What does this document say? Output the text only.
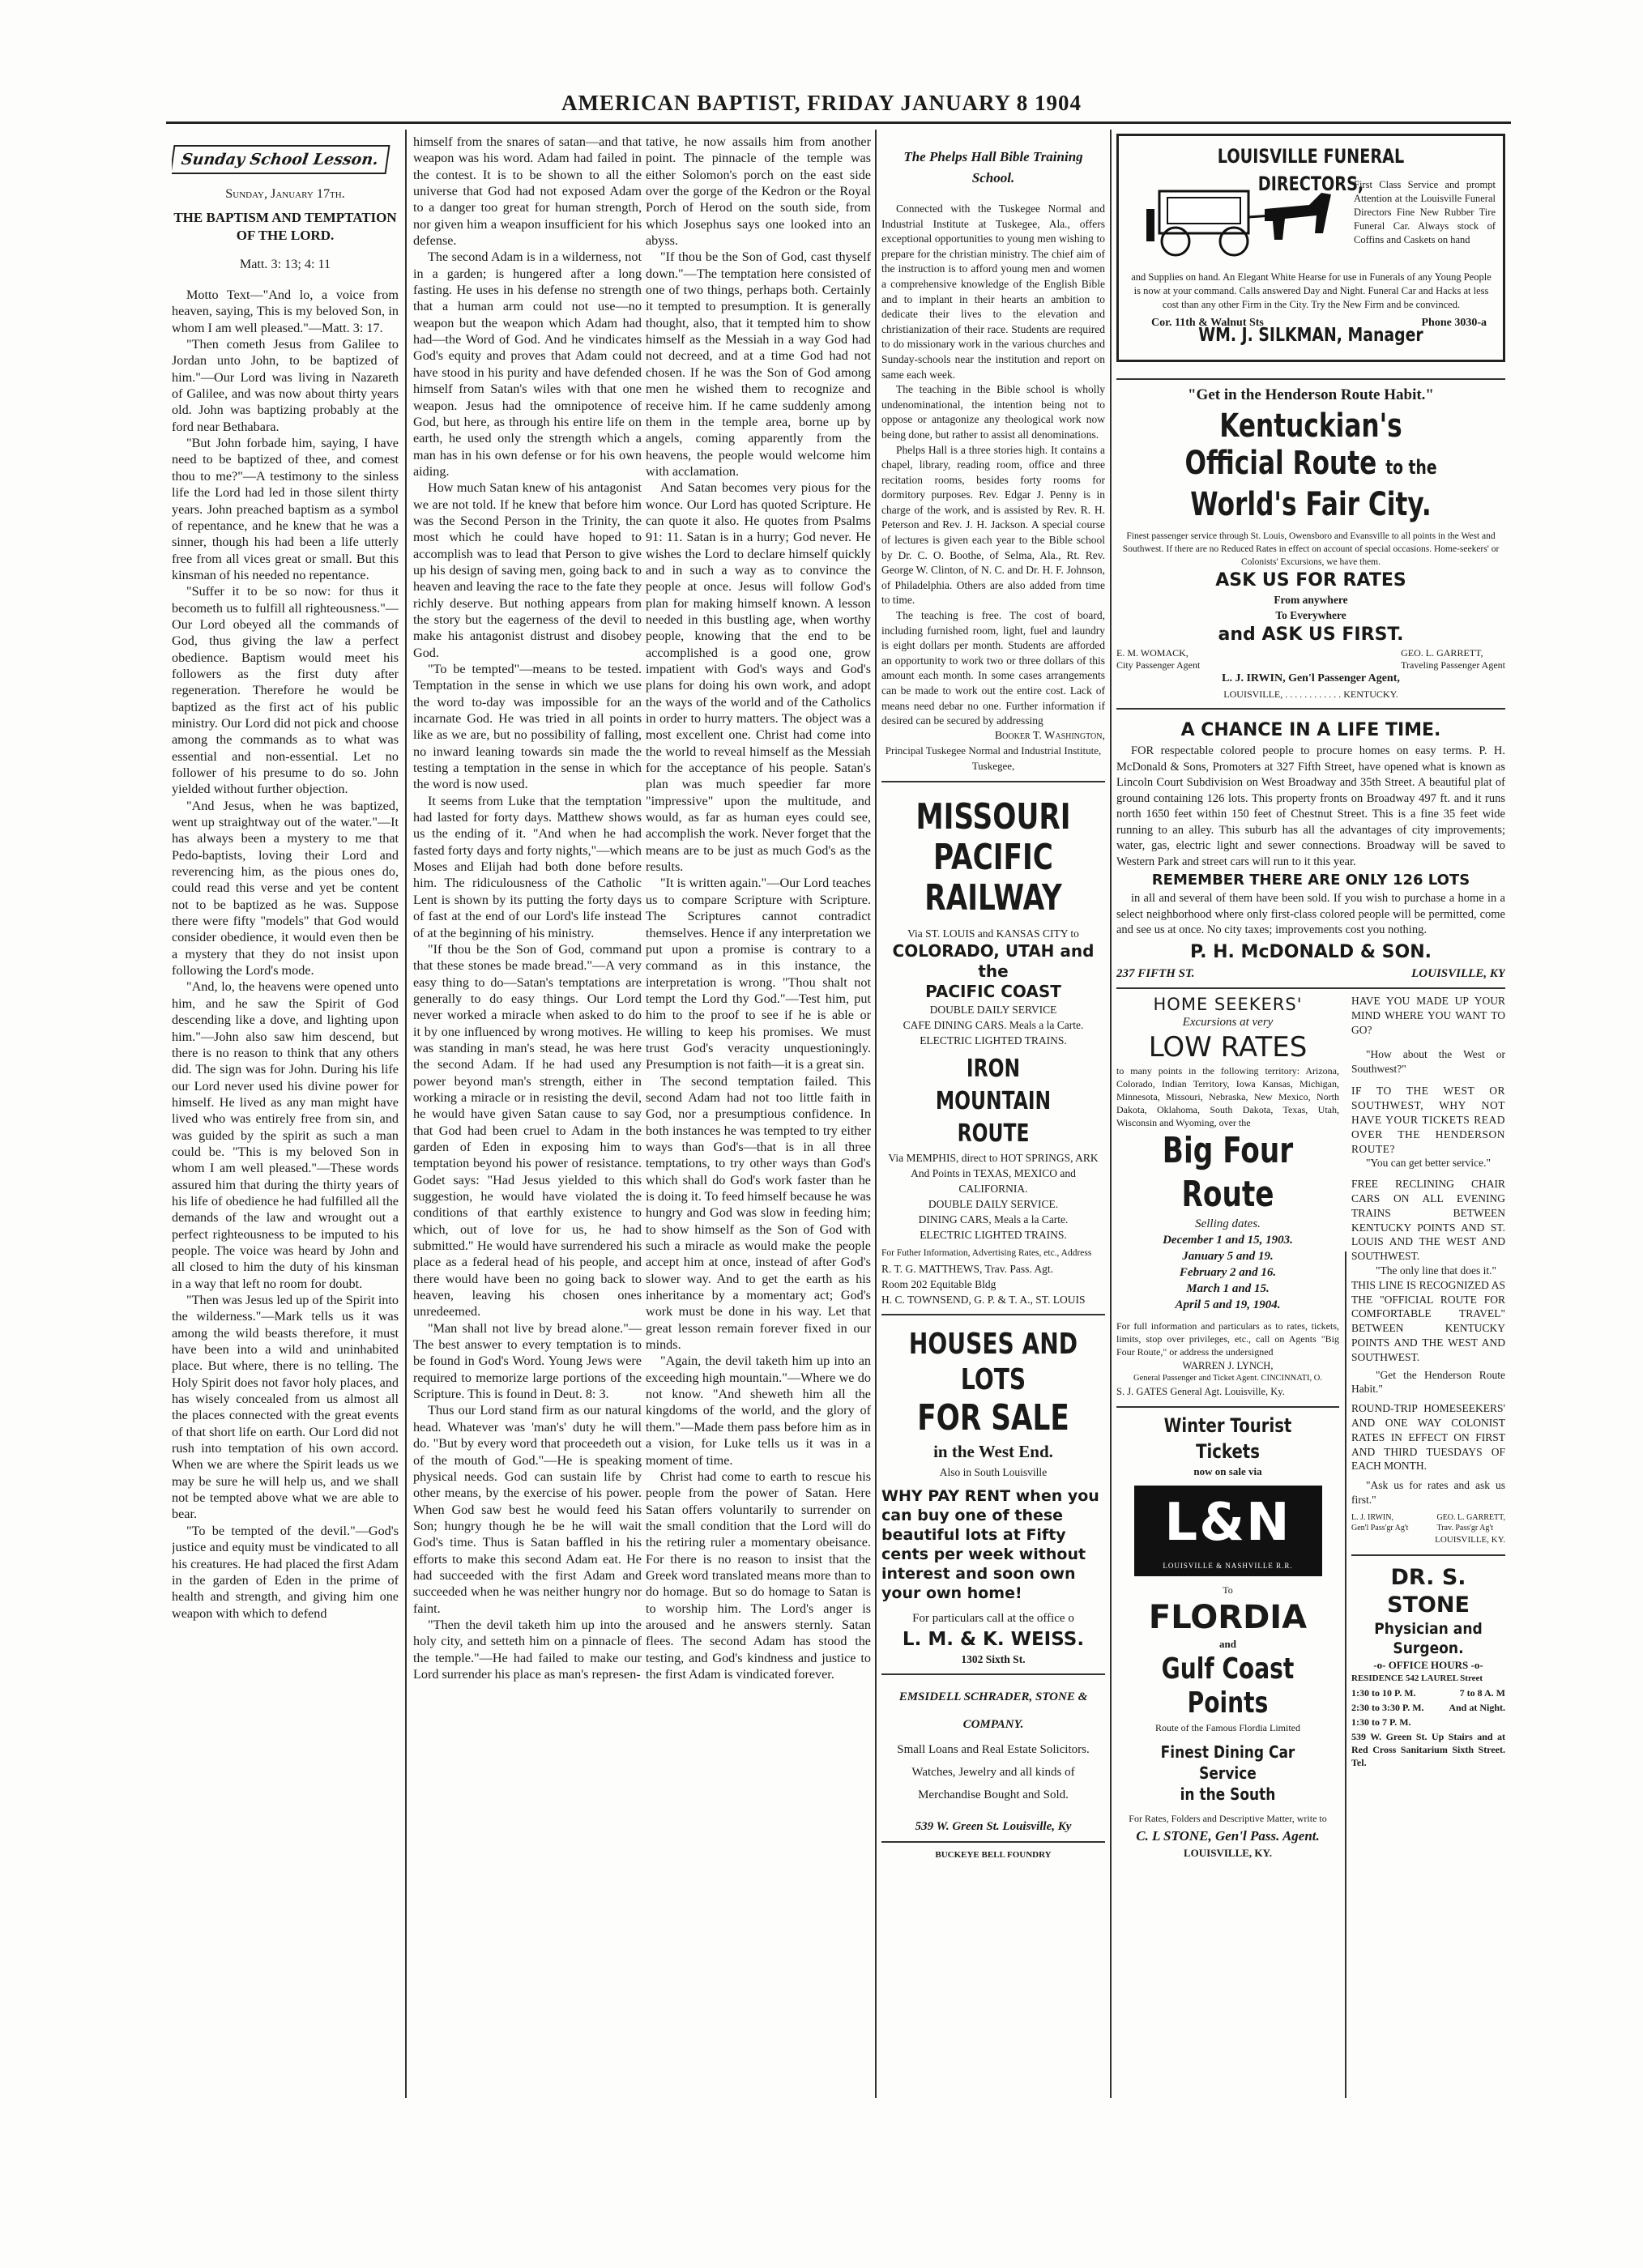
AMERICAN BAPTIST, FRIDAY JANUARY 8 1904
Sunday School Lesson.

Sunday, January 17th.

THE BAPTISM AND TEMPTATION OF THE LORD.

Matt. 3: 13; 4: 11

Motto Text—"And lo, a voice from heaven, saying, This is my beloved Son, in whom I am well pleased."—Matt. 3: 17.

"Then cometh Jesus from Galilee to Jordan unto John, to be baptized of him."—Our Lord was living in Nazareth of Galilee, and was now about thirty years old. John was baptizing probably at the ford near Bethabara.

"But John forbade him, saying, I have need to be baptized of thee, and comest thou to me?"—A testimony to the sinless life the Lord had led in those silent thirty years. John preached baptism as a symbol of repentance, and he knew that he was a sinner, though his had been a life utterly free from all vices great or small. But this kinsman of his needed no repentance.

"Suffer it to be so now: for thus it becometh us to fulfill all righteousness."—Our Lord obeyed all the commands of God, thus giving the law a perfect obedience. Baptism would meet his followers as the first duty after regeneration. Therefore he would be baptized as the first act of his public ministry. Our Lord did not pick and choose among the commands as to what was essential and non-essential. Let no follower of his presume to do so. John yielded without further objection.

"And Jesus, when he was baptized, went up straightway out of the water."—It has always been a mystery to me that Pedo-baptists, loving their Lord and reverencing him, as the pious ones do, could read this verse and yet be content not to be baptized as he was. Suppose there were fifty "models" that God would consider obedience, it would even then be a mystery that they do not insist upon following the Lord's mode.

"And, lo, the heavens were opened unto him, and he saw the Spirit of God descending like a dove, and lighting upon him."—John also saw him descend, but there is no reason to think that any others did. The sign was for John. During his life our Lord never used his divine power for himself. He lived as any man might have lived who was entirely free from sin, and was guided by the spirit as such a man could be. "This is my beloved Son in whom I am well pleased."—These words assured him that during the thirty years of his life of obedience he had fulfilled all the demands of the law and wrought out a perfect righteousness to be imputed to his people. The voice was heard by John and all closed to him the duty of his kinsman in a way that left no room for doubt.

"Then was Jesus led up of the Spirit into the wilderness."—Mark tells us it was among the wild beasts therefore, it must have been into a wild and uninhabited place. But where, there is no telling. The Holy Spirit does not favor holy places, and has wisely concealed from us almost all the places connected with the great events of that short life on earth. Our Lord did not rush into temptation of his own accord. When we are where the Spirit leads us we may be sure he will help us, and we shall not be tempted above what we are able to bear.

"To be tempted of the devil."—God's justice and equity must be vindicated to all his creatures. He had placed the first Adam in the garden of Eden in the prime of health and strength, and giving him one weapon with which to defend

himself from the snares of satan—and that weapon was his word. Adam had failed in the contest. It is to be shown to all the universe that God had not exposed Adam to a danger too great for human strength, nor given him a weapon insufficient for his defense.

The second Adam is in a wilderness, not in a garden; is hungered after a long fasting. He uses in his defense no strength that a human arm could not use—no weapon but the weapon which Adam had had—the Word of God. And he vindicates God's equity and proves that Adam could have stood in his purity and have defended himself from Satan's wiles with that one weapon. Jesus had the omnipotence of God, but here, as through his entire life on earth, he used only the strength which a man has in his own defense or for his own aiding.

How much Satan knew of his antagonist we are not told. If he knew that before him was the Second Person in the Trinity, the most which he could have hoped to accomplish was to lead that Person to give up his design of saving men, going back to heaven and leaving the race to the fate they richly deserve. But nothing appears from the story but the eagerness of the devil to make his antagonist distrust and disobey God.

"To be tempted"—means to be tested. Temptation in the sense in which we use the word to-day was impossible for an incarnate God. He was tried in all points like as we are, but no possibility of falling, no inward leaning towards sin made the testing a temptation in the sense in which the word is now used.

It seems from Luke that the temptation had lasted for forty days. Matthew shows us the ending of it. "And when he had fasted forty days and forty nights,"—which Moses and Elijah had both done before him. The ridiculousness of the Catholic Lent is shown by its putting the forty days of fast at the end of our Lord's life instead of at the beginning of his ministry.

"If thou be the Son of God, command that these stones be made bread."—A very easy thing to do—Satan's temptations are generally to do easy things. Our Lord never worked a miracle when asked to do it by one influenced by wrong motives. He was standing in man's stead, he was here the second Adam. If he had used any power beyond man's strength, either in working a miracle or in resisting the devil, he would have given Satan cause to say that God had been cruel to Adam in the garden of Eden in exposing him to temptation beyond his power of resistance. Godet says: "Had Jesus yielded to this suggestion, he would have violated the conditions of that earthly existence to which, out of love for us, he had submitted." He would have surrendered his place as a federal head of his people, and there would have been no going back to heaven, leaving his chosen ones unredeemed.

"Man shall not live by bread alone."—The best answer to every temptation is to be found in God's Word. Young Jews were required to memorize large portions of the Scripture. This is found in Deut. 8: 3.

Thus our Lord stand firm as our natural head. Whatever was 'man's' duty he will do. "But by every word that proceedeth out of the mouth of God."—He is speaking physical needs. God can sustain life by other means, by the exercise of his power. When God saw best he would feed his Son; hungry though he be he will wait God's time. Thus is Satan baffled in his efforts to make this second Adam eat. He had succeeded with the first Adam and succeeded when he was neither hungry nor faint.

"Then the devil taketh him up into the holy city, and setteth him on a pinnacle of the temple."—He had failed to make our Lord surrender his place as man's represen-

tative, he now assails him from another point. The pinnacle of the temple was either Solomon's porch on the east side over the gorge of the Kedron or the Royal Porch of Herod on the south side, from which Josephus says one looked into an abyss.

"If thou be the Son of God, cast thyself down."—The temptation here consisted of one of two things, perhaps both. Certainly it tempted to presumption. It is generally thought, also, that it tempted him to show himself as the Messiah in a way God had not decreed, and at a time God had not chosen. If he was the Son of God among men he wished them to recognize and receive him. If he came suddenly among them in the temple area, borne up by angels, coming apparently from the heavens, the people would welcome him with acclamation.

And Satan becomes very pious for the wonce. Our Lord has quoted Scripture. He can quote it also. He quotes from Psalms 91: 11. Satan is in a hurry; God never. He wishes the Lord to declare himself quickly and in such a way as to convince the people at once. Jesus will follow God's plan for making himself known. A lesson needed in this bustling age, when worthy people, knowing that the end to be accomplished is a good one, grow impatient with God's ways and God's plans for doing his own work, and adopt the ways of the world and of the Catholics in order to hurry matters. The object was a most excellent one. Christ had come into the world to reveal himself as the Messiah for the acceptance of his people. Satan's plan was much speedier far more "impressive" upon the multitude, and would, as far as human eyes could see, accomplish the work. Never forget that the means are to be just as much God's as the results.

"It is written again."—Our Lord teaches us to compare Scripture with Scripture. The Scriptures cannot contradict themselves. Hence if any interpretation we put upon a promise is contrary to a command as in this instance, the interpretation is wrong. "Thou shalt not tempt the Lord thy God."—Test him, put him to the proof to see if he is able or willing to keep his promises. We must trust God's veracity unquestioningly. Presumption is not faith—it is a great sin.

The second temptation failed. This second Adam had not too little faith in God, nor a presumptious confidence. In both instances he was tempted to try either ways than God's—that is in all three temptations, to try other ways than God's which shall do God's work faster than he is doing it. To feed himself because he was hungry and God was slow in feeding him; to show himself as the Son of God with such a miracle as would make the people accept him at once, instead of after God's slower way. And to get the earth as his inheritance by a momentary act; God's work must be done in his way. Let that great lesson remain forever fixed in our minds.

"Again, the devil taketh him up into an exceeding high mountain."—Where we do not know. "And sheweth him all the kingdoms of the world, and the glory of them."—Made them pass before him as in a vision, for Luke tells us it was in a moment of time.

Christ had come to earth to rescue his people from the power of Satan. Here Satan offers voluntarily to surrender on the small condition that the Lord will do the retiring ruler a momentary obeisance. For there is no reason to insist that the Greek word translated means more than to do homage. But so do homage to Satan is to worship him. The Lord's anger is aroused and he answers sternly. Satan flees. The second Adam has stood the testing, and God's kindness and justice to the first Adam is vindicated forever.

The Phelps Hall Bible Training School.

Connected with the Tuskegee Normal and Industrial Institute at Tuskegee, Ala., offers exceptional opportunities to young men wishing to prepare for the christian ministry. The chief aim of the instruction is to afford young men and women a comprehensive knowledge of the English Bible and to implant in their hearts an ambition to dedicate their lives to the elevation and christianization of their race. Students are required to do missionary work in the various churches and Sunday-schools near the institution and report on same each week.

The teaching in the Bible school is wholly undenominational, the intention being not to oppose or antagonize any theological work now being done, but rather to assist all denominations.

Phelps Hall is a three stories high. It contains a chapel, library, reading room, office and three recitation rooms, besides forty rooms for dormitory purposes. Rev. Edgar J. Penny is in charge of the work, and is assisted by Rev. R. H. Peterson and Rev. J. H. Jackson. A special course of lectures is given each year to the Bible school by Dr. C. O. Boothe, of Selma, Ala., Rt. Rev. George W. Clinton, of N. C. and Dr. H. F. Johnson, of Philadelphia. Others are also added from time to time.

The teaching is free. The cost of board, including furnished room, light, fuel and laundry is eight dollars per month. Students are afforded an opportunity to work two or three dollars of this amount each month. In some cases arrangements can be made to work out the entire cost. Lack of means need debar no one. Further information if desired can be secured by addressing

Booker T. Washington,
Principal Tuskegee Normal and Industrial Institute, Tuskegee,
MISSOURI
PACIFIC
RAILWAY
Via ST. LOUIS and KANSAS CITY to
COLORADO, UTAH and the
PACIFIC COAST
DOUBLE DAILY SERVICE
CAFE DINING CARS. Meals a la Carte.
ELECTRIC LIGHTED TRAINS.
IRON MOUNTAIN ROUTE
Via MEMPHIS, direct to HOT SPRINGS, ARK
And Points in TEXAS, MEXICO and CALIFORNIA.
DOUBLE DAILY SERVICE.
DINING CARS, Meals a la Carte.
ELECTRIC LIGHTED TRAINS.
For Futher Information, Advertising Rates, etc., Address
R. T. G. MATTHEWS, Trav. Pass. Agt.
Room 202 Equitable Bldg
H. C. TOWNSEND, G. P. & T. A., ST. LOUIS
HOUSES AND LOTS
FOR SALE
in the West End.
Also in South Louisville
WHY PAY RENT when you can buy one of these beautiful lots at Fifty cents per week without interest and soon own your own home!
For particulars call at the office o
L. M. & K. WEISS.
1302 Sixth St.
EMSIDELL SCHRADER, STONE & COMPANY.
Small Loans and Real Estate Solicitors. Watches, Jewelry and all kinds of Merchandise Bought and Sold.
539 W. Green St. Louisville, Ky
BUCKEYE BELL FOUNDRY
LOUISVILLE FUNERAL DIRECTORS,
First Class Service and prompt Attention at the Louisville Funeral Directors Fine New Rubber Tire Funeral Car. Always stock of Coffins and Caskets on hand
and Supplies on hand. An Elegant White Hearse for use in Funerals of any Young People is now at your command. Calls answered Day and Night. Funeral Car and Hacks at less cost than any other Firm in the City. Try the New Firm and be convinced.
Cor. 11th & Walnut Sts	Phone 3030-a
WM. J. SILKMAN, Manager
"Get in the Henderson Route Habit."
Kentuckian's
Official Route to the
World's Fair City.
Finest passenger service through St. Louis, Owensboro and Evansville to all points in the West and Southwest. If there are no Reduced Rates in effect on account of special occasions. Home-seekers' or Colonists' Excursions, we have them.
ASK US FOR RATES
From anywhere
To Everywhere
and ASK US FIRST.
E. M. WOMACK,
City Passenger Agent
GEO. L. GARRETT,
Traveling Passenger Agent
L. J. IRWIN, Gen'l Passenger Agent,
LOUISVILLE, . . . . . . . . . . . . KENTUCKY.
A CHANCE IN A LIFE TIME.

FOR respectable colored people to procure homes on easy terms. P. H. McDonald & Sons, Promoters at 327 Fifth Street, have opened what is known as Lincoln Court Subdivision on West Broadway and 35th Street. A beautiful plat of ground containing 126 lots. This property fronts on Broadway 497 ft. and it runs north 1650 feet within 150 feet of Chestnut Street. This is a fine 35 feet wide running to an alley. This suburb has all the advantages of city improvements; water, gas, electric light and sewer connections. Broadway will be saved to Western Park and street cars will run to it this year.

REMEMBER THERE ARE ONLY 126 LOTS

in all and several of them have been sold. If you wish to purchase a home in a select neighborhood where only first-class colored people will be permitted, come and see us at once. No city taxes; improvements cost you nothing.

P. H. McDONALD & SON.
237 FIFTH ST.	LOUISVILLE, KY
HOME SEEKERS'
Excursions at very
LOW RATES
to many points in the following territory: Arizona, Colorado, Indian Territory, Iowa Kansas, Michigan, Minnesota, Missouri, Nebraska, New Mexico, North Dakota, Oklahoma, South Dakota, Texas, Utah, Wisconsin and Wyoming, over the
Big Four Route
Selling dates.
December 1 and 15, 1903.
January 5 and 19.
February 2 and 16.
March 1 and 15.
April 5 and 19, 1904.
For full information and particulars as to rates, tickets, limits, stop over privileges, etc., call on Agents "Big Four Route," or address the undersigned
WARREN J. LYNCH,
General Passenger and Ticket Agent. CINCINNATI, O.
S. J. GATES General Agt. Louisville, Ky.
Winter Tourist Tickets
now on sale via
L&N
LOUISVILLE & NASHVILLE R.R.
To
FLORDIA
and
Gulf Coast Points
Route of the Famous Flordia Limited
Finest Dining Car Service
in the South
For Rates, Folders and Descriptive Matter, write to
C. L STONE, Gen'l Pass. Agent.
LOUISVILLE, KY.
HAVE YOU MADE UP YOUR MIND WHERE YOU WANT TO GO?
"How about the West or Southwest?"
IF TO THE WEST OR SOUTHWEST, WHY NOT HAVE YOUR TICKETS READ OVER THE HENDERSON ROUTE?
"You can get better service."
FREE RECLINING CHAIR CARS ON ALL EVENING TRAINS BETWEEN KENTUCKY POINTS AND ST. LOUIS AND THE WEST AND SOUTHWEST.
"The only line that does it."
THIS LINE IS RECOGNIZED AS THE "OFFICIAL ROUTE FOR COMFORTABLE TRAVEL" BETWEEN KENTUCKY POINTS AND THE WEST AND SOUTHWEST.
"Get the Henderson Route Habit."
ROUND-TRIP HOMESEEKERS' AND ONE WAY COLONIST RATES IN EFFECT ON FIRST AND THIRD TUESDAYS OF EACH MONTH.
"Ask us for rates and ask us first."
L. J. IRWIN,
Gen'l Pass'gr Ag't
GEO. L. GARRETT,
Trav. Pass'gr Ag't
LOUISVILLE, KY.
DR. S. STONE
Physician and Surgeon.
-o- OFFICE HOURS -o-
RESIDENCE 542 LAUREL Street
1:30 to 10 P. M.	7 to 8 A. M
2:30 to 3:30 P. M.	And at Night.
1:30 to 7 P. M.
539 W. Green St. Up Stairs and at Red Cross Sanitarium Sixth Street. Tel.
